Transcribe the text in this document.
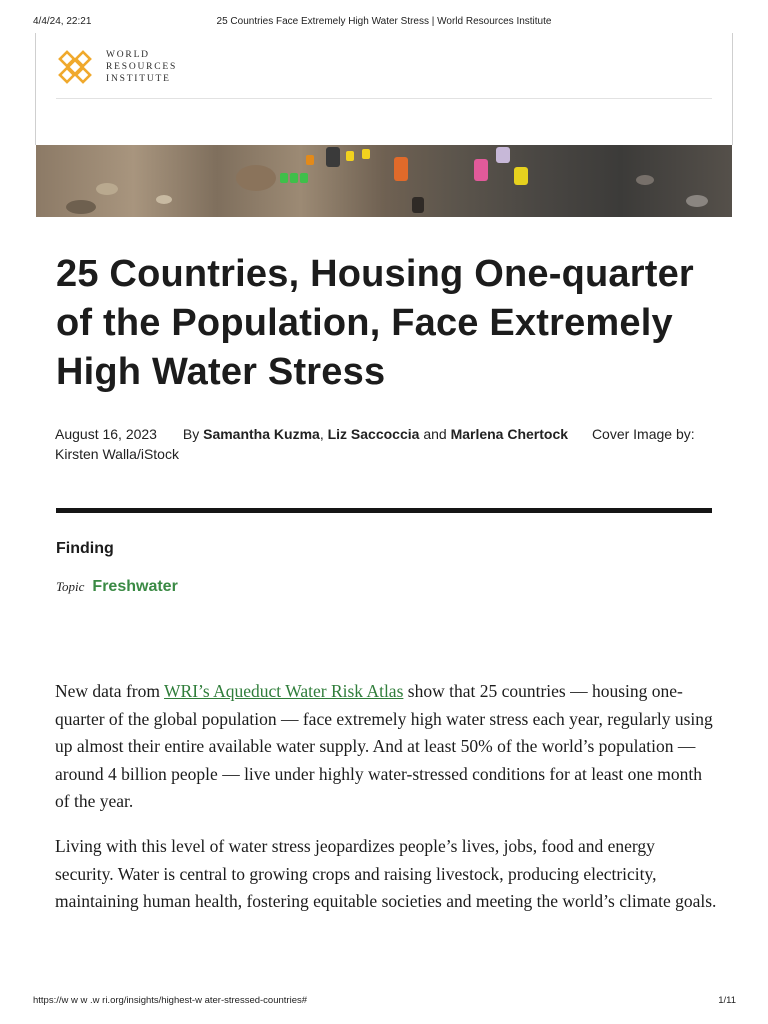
4/4/24, 22:21	25 Countries Face Extremely High Water Stress | World Resources Institute
WORLD
RESOURCES
INSTITUTE
25 Countries, Housing One-quarter of the Population, Face Extremely High Water Stress
August 16, 2023 By Samantha Kuzma, Liz Saccoccia and Marlena Chertock Cover Image by: Kirsten Walla/iStock
Finding
Topic Freshwater

New data from WRI’s Aqueduct Water Risk Atlas show that 25 countries — housing one-quarter of the global population — face extremely high water stress each year, regularly using up almost their entire available water supply. And at least 50% of the world’s population — around 4 billion people — live under highly water-stressed conditions for at least one month of the year.

Living with this level of water stress jeopardizes people’s lives, jobs, food and energy security. Water is central to growing crops and raising livestock, producing electricity, maintaining human health, fostering equitable societies and meeting the world’s climate goals.

https://w w w .w ri.org/insights/highest-w ater-stressed-countries#	1/11
